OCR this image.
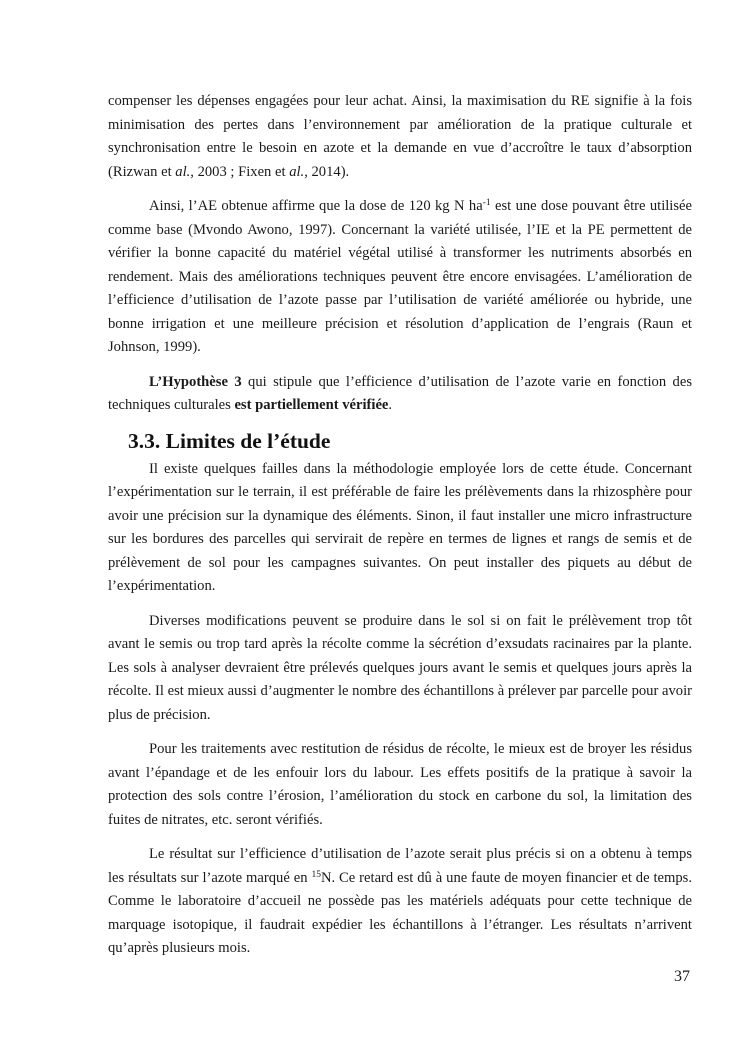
compenser les dépenses engagées pour leur achat. Ainsi, la maximisation du RE signifie à la fois minimisation des pertes dans l’environnement par amélioration de la pratique culturale et synchronisation entre le besoin en azote et la demande en vue d’accroître le taux d’absorption (Rizwan et al., 2003 ; Fixen et al., 2014).

Ainsi, l’AE obtenue affirme que la dose de 120 kg N $ha^{-1}$ est une dose pouvant être utilisée comme base (Mvondo Awono, 1997). Concernant la variété utilisée, l’IE et la PE permettent de vérifier la bonne capacité du matériel végétal utilisé à transformer les nutriments absorbés en rendement. Mais des améliorations techniques peuvent être encore envisagées. L’amélioration de l’efficience d’utilisation de l’azote passe par l’utilisation de variété améliorée ou hybride, une bonne irrigation et une meilleure précision et résolution d’application de l’engrais (Raun et Johnson, 1999).

L’Hypothèse 3 qui stipule que l’efficience d’utilisation de l’azote varie en fonction des techniques culturales est partiellement vérifiée.

3.3. Limites de l’étude

Il existe quelques failles dans la méthodologie employée lors de cette étude. Concernant l’expérimentation sur le terrain, il est préférable de faire les prélèvements dans la rhizosphère pour avoir une précision sur la dynamique des éléments. Sinon, il faut installer une micro infrastructure sur les bordures des parcelles qui servirait de repère en termes de lignes et rangs de semis et de prélèvement de sol pour les campagnes suivantes. On peut installer des piquets au début de l’expérimentation.

Diverses modifications peuvent se produire dans le sol si on fait le prélèvement trop tôt avant le semis ou trop tard après la récolte comme la sécrétion d’exsudats racinaires par la plante. Les sols à analyser devraient être prélevés quelques jours avant le semis et quelques jours après la récolte. Il est mieux aussi d’augmenter le nombre des échantillons à prélever par parcelle pour avoir plus de précision.

Pour les traitements avec restitution de résidus de récolte, le mieux est de broyer les résidus avant l’épandage et de les enfouir lors du labour. Les effets positifs de la pratique à savoir la protection des sols contre l’érosion, l’amélioration du stock en carbone du sol, la limitation des fuites de nitrates, etc. seront vérifiés.

Le résultat sur l’efficience d’utilisation de l’azote serait plus précis si on a obtenu à temps les résultats sur l’azote marqué en $^{15}$N. Ce retard est dû à une faute de moyen financier et de temps. Comme le laboratoire d’accueil ne possède pas les matériels adéquats pour cette technique de marquage isotopique, il faudrait expédier les échantillons à l’étranger. Les résultats n’arrivent qu’après plusieurs mois.

37
